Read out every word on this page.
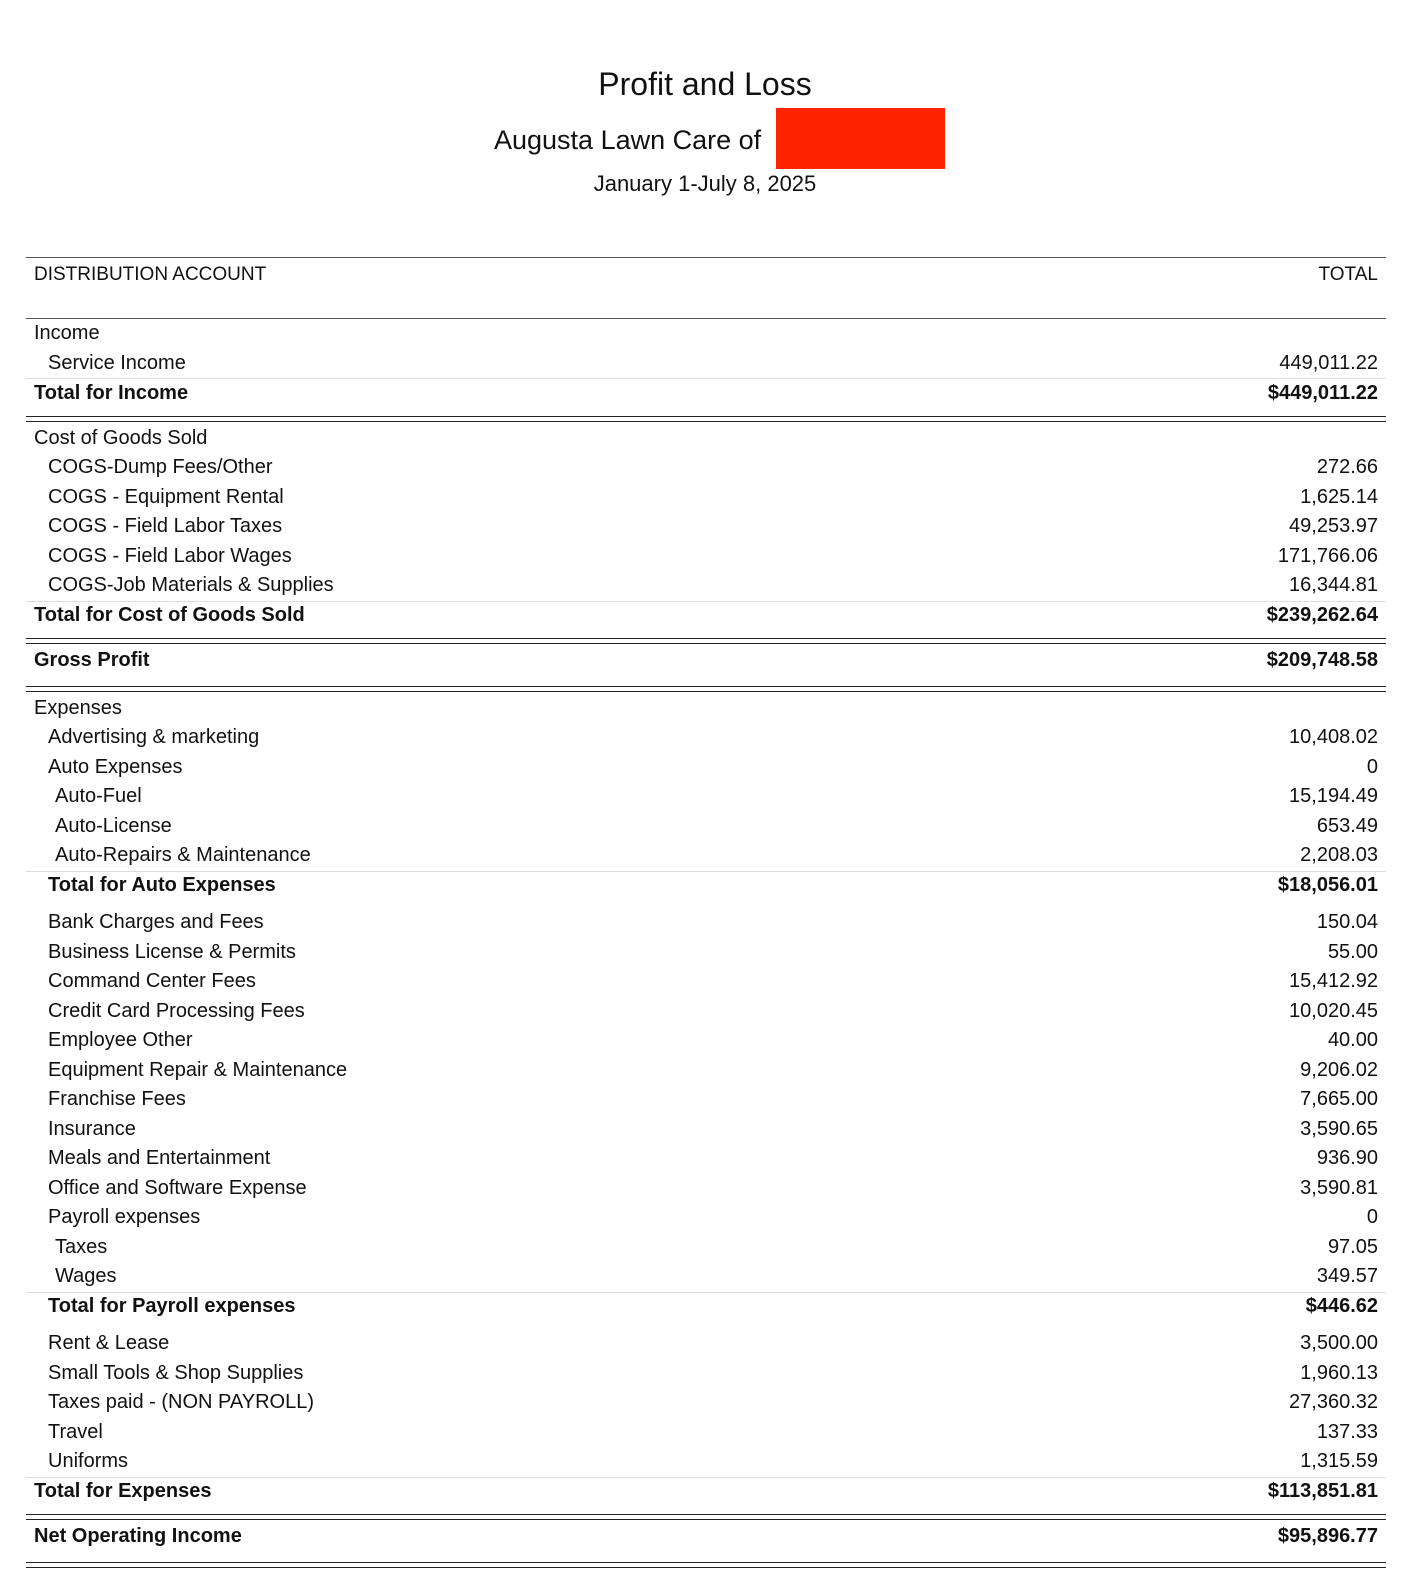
Profit and Loss
Augusta Lawn Care of
January 1-July 8, 2025
DISTRIBUTION ACCOUNT	TOTAL
Income
Service Income	449,011.22
Total for Income	$449,011.22
Cost of Goods Sold
COGS-Dump Fees/Other	272.66
COGS - Equipment Rental	1,625.14
COGS - Field Labor Taxes	49,253.97
COGS - Field Labor Wages	171,766.06
COGS-Job Materials & Supplies	16,344.81
Total for Cost of Goods Sold	$239,262.64
Gross Profit	$209,748.58
Expenses
Advertising & marketing	10,408.02
Auto Expenses	0
Auto-Fuel	15,194.49
Auto-License	653.49
Auto-Repairs & Maintenance	2,208.03
Total for Auto Expenses	$18,056.01
Bank Charges and Fees	150.04
Business License & Permits	55.00
Command Center Fees	15,412.92
Credit Card Processing Fees	10,020.45
Employee Other	40.00
Equipment Repair & Maintenance	9,206.02
Franchise Fees	7,665.00
Insurance	3,590.65
Meals and Entertainment	936.90
Office and Software Expense	3,590.81
Payroll expenses	0
Taxes	97.05
Wages	349.57
Total for Payroll expenses	$446.62
Rent & Lease	3,500.00
Small Tools & Shop Supplies	1,960.13
Taxes paid - (NON PAYROLL)	27,360.32
Travel	137.33
Uniforms	1,315.59
Total for Expenses	$113,851.81
Net Operating Income	$95,896.77
